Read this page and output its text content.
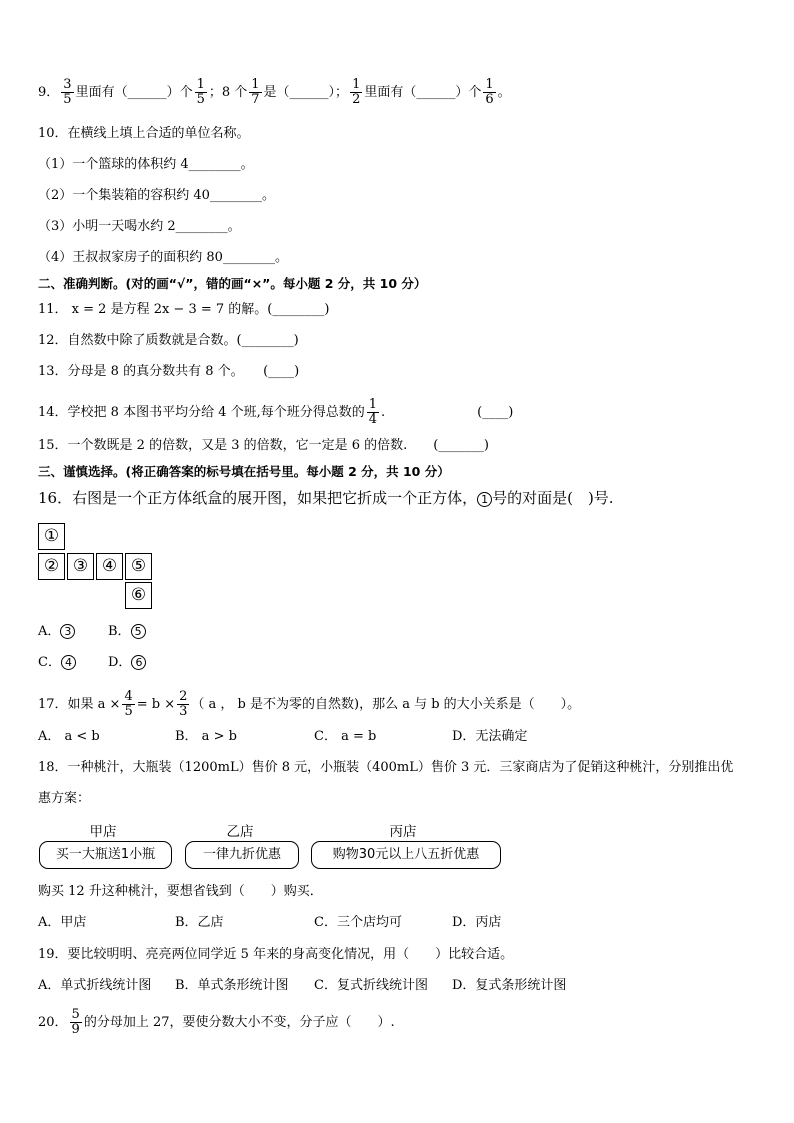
9． $\frac{3}{5}$ 里面有（______）个 $\frac{1}{5}$ ；8 个 $\frac{1}{7}$ 是（______）； $\frac{1}{2}$ 里面有（______）个 $\frac{1}{6}$ 。
10．在横线上填上合适的单位名称。
（1）一个篮球的体积约 4________。
（2）一个集装箱的容积约 40________。
（3）小明一天喝水约 2________。
（4）王叔叔家房子的面积约 80________。
二、准确判断。(对的画“√”，错的画“×”。每小题 2 分，共 10 分）
11． x = 2 是方程 2x − 3 = 7 的解。(________)
12．自然数中除了质数就是合数。(________)
13．分母是 8 的真分数共有 8 个。　　(____)
14．学校把 8 本图书平均分给 4 个班,每个班分得总数的 $\frac{1}{4}$ .	(____)
15．一个数既是 2 的倍数，又是 3 的倍数，它一定是 6 的倍数.　　(_______)
三、谨慎选择。(将正确答案的标号填在括号里。每小题 2 分，共 10 分）
16．右图是一个正方体纸盒的展开图，如果把它折成一个正方体， 1 号的对面是(　)号.
①
② ③ ④ ⑤
⑥
A． 3	B． 5
C． 4	D． 6
17．如果 $a \times \frac{4}{5} = b \times \frac{2}{3}$ （ a ， b 是不为零的自然数)，那么 a 与 b 的大小关系是（　　）。
A． a < b	B． a > b	C． a = b	D．无法确定
18．一种桃汁，大瓶装（1200mL）售价 8 元，小瓶装（400mL）售价 3 元．三家商店为了促销这种桃汁，分别推出优
惠方案：
甲店	乙店	丙店
买一大瓶送1小瓶	一律九折优惠	购物30元以上八五折优惠
购买 12 升这种桃汁，要想省钱到（　　）购买．
A．甲店	B．乙店	C．三个店均可	D．丙店
19．要比较明明、亮亮两位同学近 5 年来的身高变化情况，用（　　）比较合适。
A．单式折线统计图 B．单式条形统计图 C．复式折线统计图 D．复式条形统计图
20． $\frac{5}{9}$ 的分母加上 27，要使分数大小不变，分子应（　　）.
